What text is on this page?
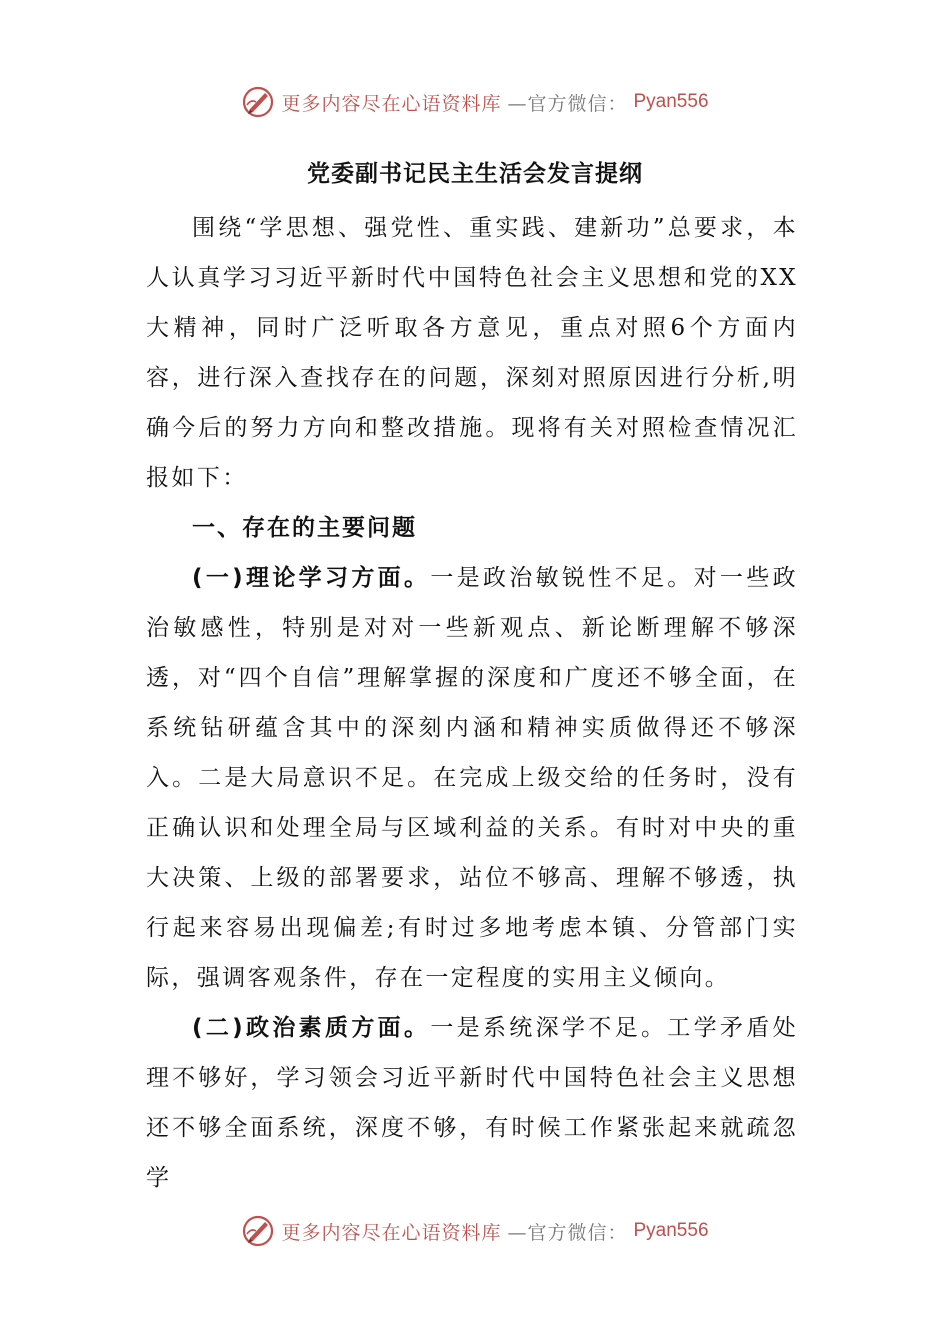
更多内容尽在心语资料库 —官方微信： Pyan556
党委副书记民主生活会发言提纲

围绕“学思想、强党性、重实践、建新功”总要求，本人认真学习习近平新时代中国特色社会主义思想和党的XX大精神，同时广泛听取各方意见，重点对照6个方面内容，进行深入查找存在的问题，深刻对照原因进行分析,明确今后的努力方向和整改措施。现将有关对照检查情况汇报如下：

一、存在的主要问题

(一)理论学习方面。一是政治敏锐性不足。对一些政治敏感性，特别是对对一些新观点、新论断理解不够深透，对“四个自信”理解掌握的深度和广度还不够全面，在系统钻研蕴含其中的深刻内涵和精神实质做得还不够深入。二是大局意识不足。在完成上级交给的任务时，没有正确认识和处理全局与区域利益的关系。有时对中央的重大决策、上级的部署要求，站位不够高、理解不够透，执行起来容易出现偏差;有时过多地考虑本镇、分管部门实际，强调客观条件，存在一定程度的实用主义倾向。

(二)政治素质方面。一是系统深学不足。工学矛盾处理不够好，学习领会习近平新时代中国特色社会主义思想还不够全面系统，深度不够，有时候工作紧张起来就疏忽学

更多内容尽在心语资料库 —官方微信： Pyan556
